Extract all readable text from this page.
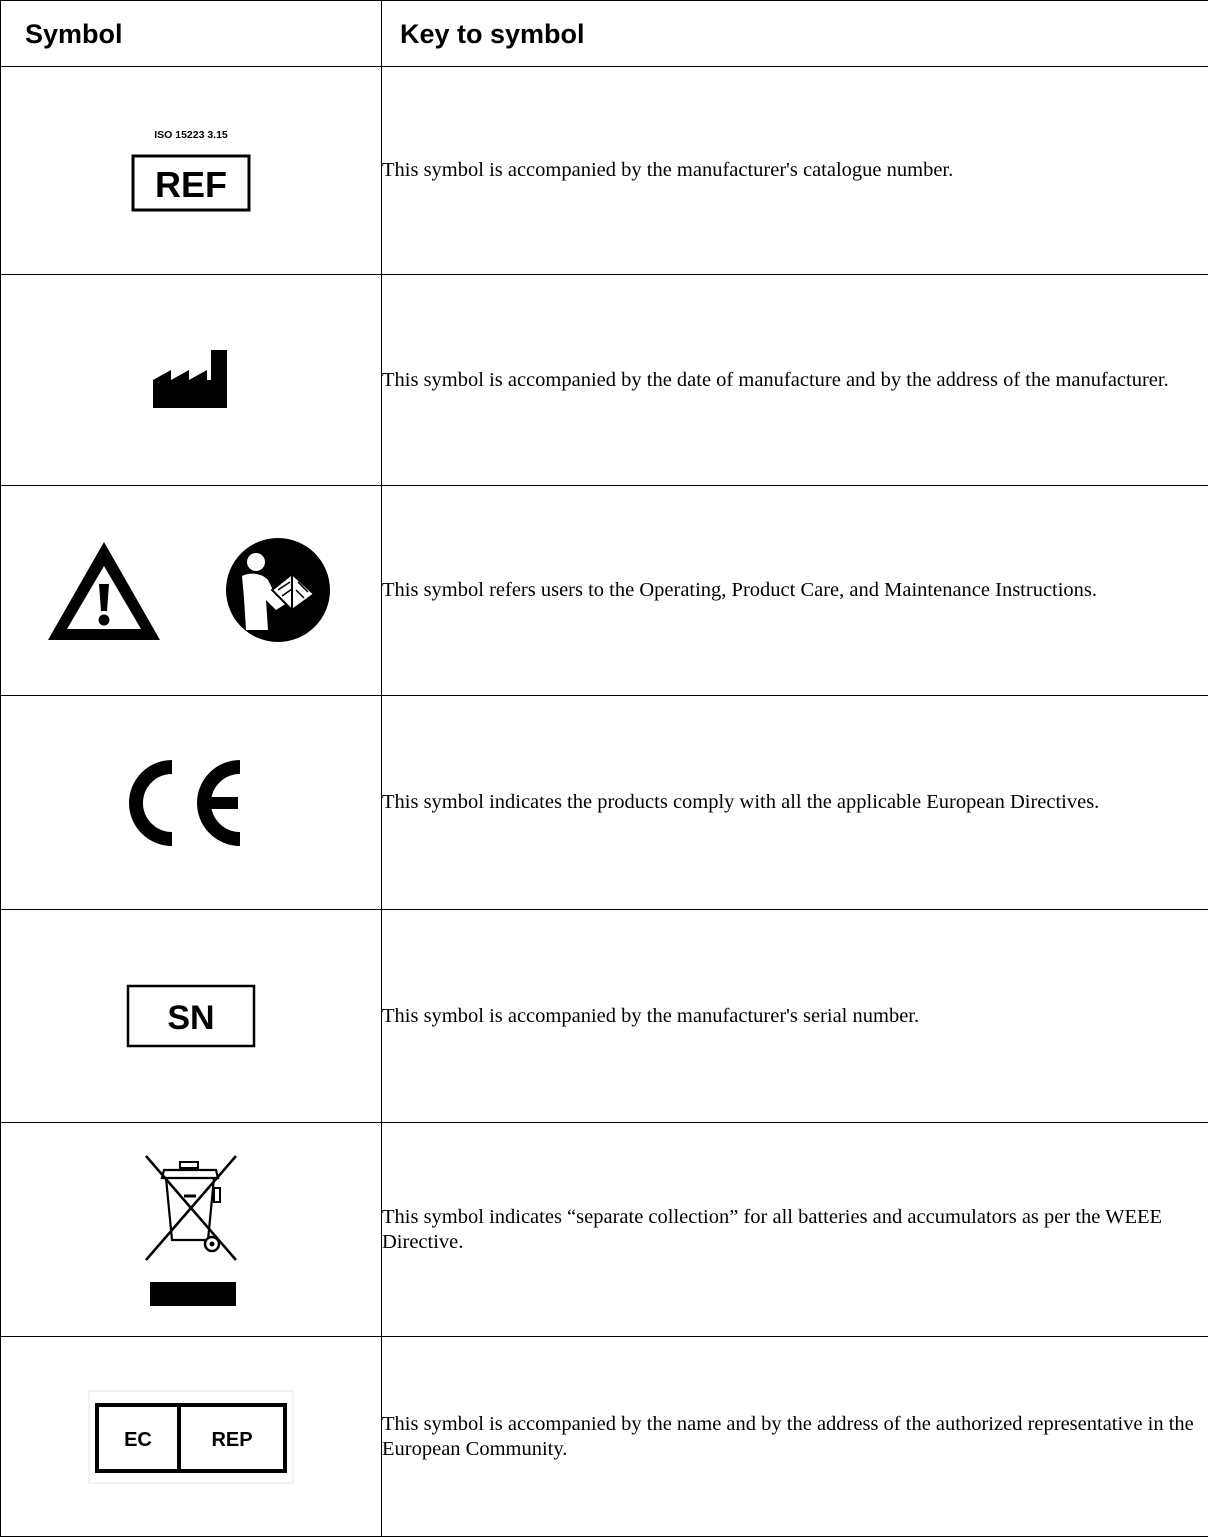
Symbol	Key to symbol

ISO 15223 3.15
REF	This symbol is accompanied by the manufacturer's catalogue number.

	This symbol is accompanied by the date of manufacture and by the address of the manufacturer.

	This symbol refers users to the Operating, Product Care, and Maintenance Instructions.

	This symbol indicates the products comply with all the applicable European Directives.

SN	This symbol is accompanied by the manufacturer's serial number.

	This symbol indicates “separate collection” for all batteries and accumulators as per the WEEE Directive.

EC REP	This symbol is accompanied by the name and by the address of the authorized representative in the European Community.
